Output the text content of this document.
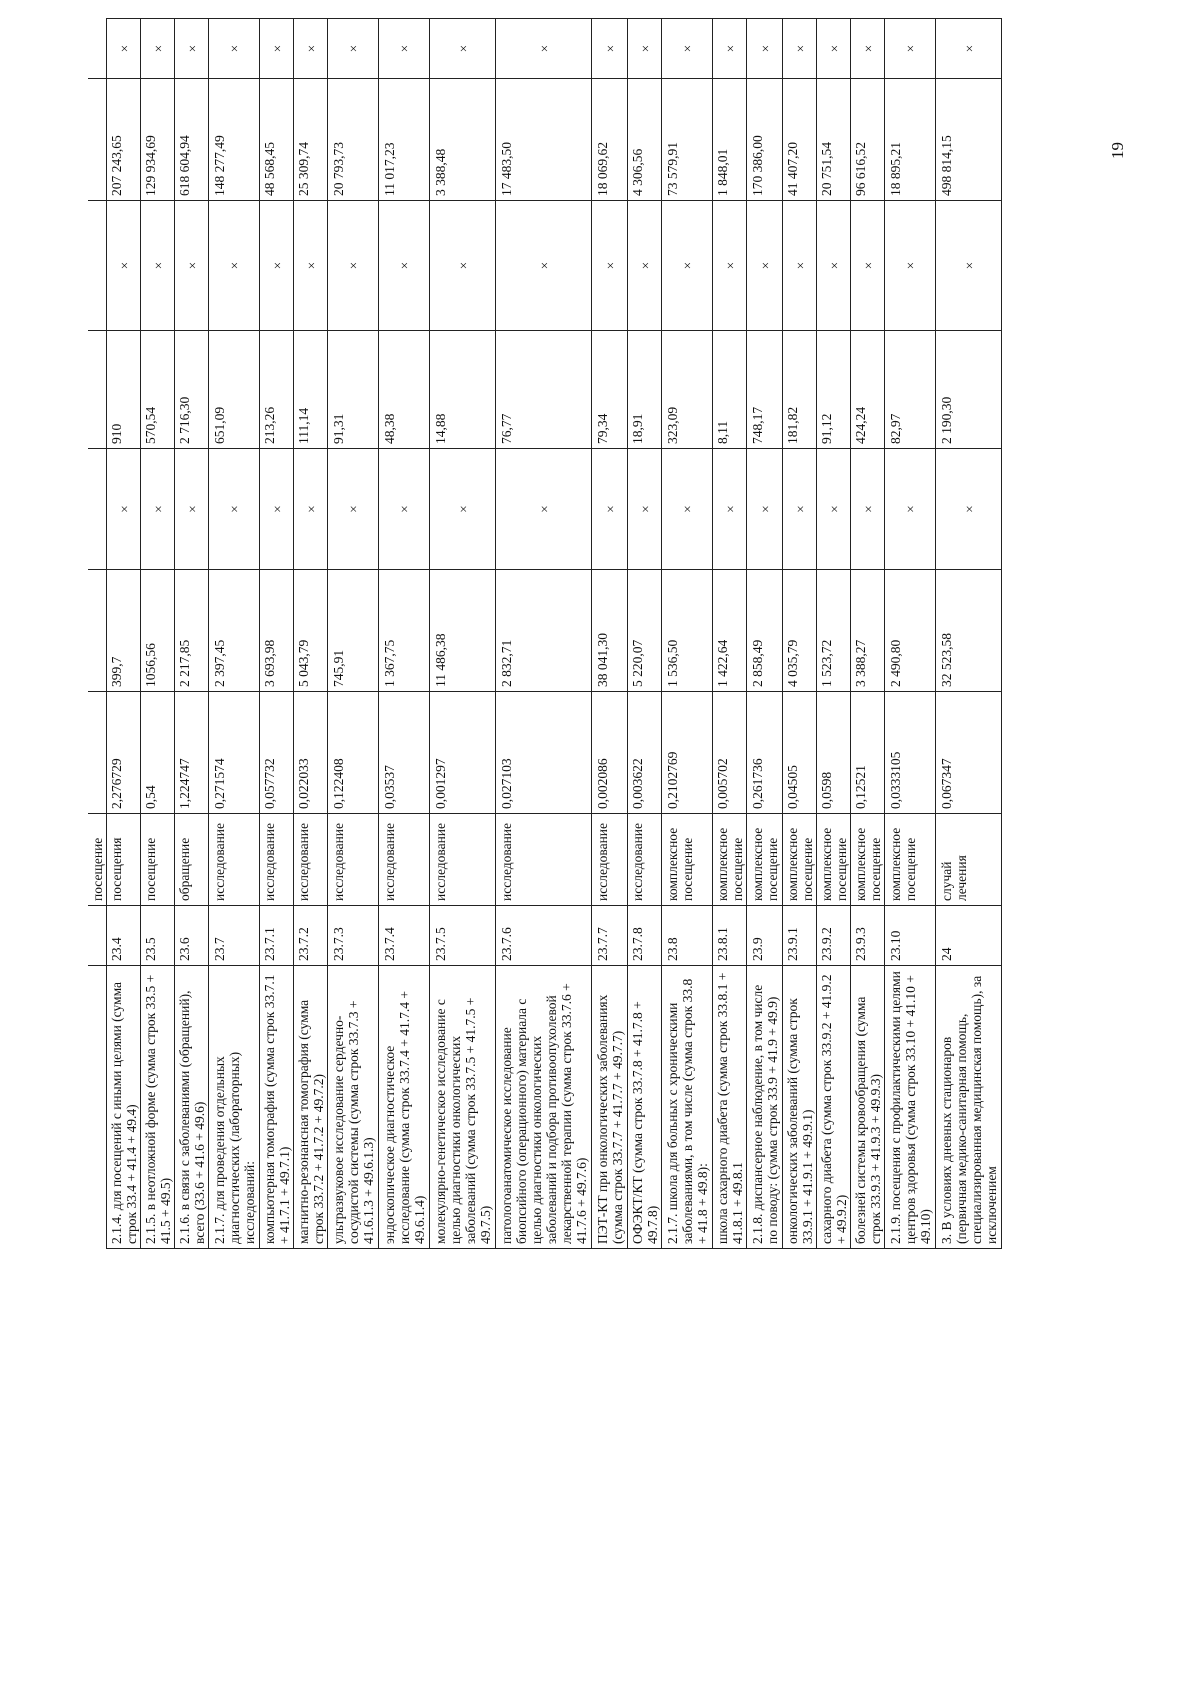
		посещение							
2.1.4. для посещений с иными целями (сумма строк 33.4 + 41.4 + 49.4)	23.4	посещения	2,276729	399,7	×	910	×	207 243,65	×
2.1.5. в неотложной форме (сумма строк 33.5 + 41.5 + 49.5)	23.5	посещение	0,54	1056,56	×	570,54	×	129 934,69	×
2.1.6. в связи с заболеваниями (обращений), всего (33.6 + 41.6 + 49.6)	23.6	обращение	1,224747	2 217,85	×	2 716,30	×	618 604,94	×
2.1.7. для проведения отдельных диагностических (лабораторных) исследований:	23.7	исследование	0,271574	2 397,45	×	651,09	×	148 277,49	×
компьютерная томография (сумма строк 33.7.1 + 41.7.1 + 49.7.1)	23.7.1	исследование	0,057732	3 693,98	×	213,26	×	48 568,45	×
магнитно-резонансная томография (сумма строк 33.7.2 + 41.7.2 + 49.7.2)	23.7.2	исследование	0,022033	5 043,79	×	111,14	×	25 309,74	×
ультразвуковое исследование сердечно-сосудистой системы (сумма строк 33.7.3 + 41.6.1.3 + 49.6.1.3)	23.7.3	исследование	0,122408	745,91	×	91,31	×	20 793,73	×
эндоскопическое диагностическое исследование (сумма строк 33.7.4 + 41.7.4 + 49.6.1.4)	23.7.4	исследование	0,03537	1 367,75	×	48,38	×	11 017,23	×
молекулярно-генетическое исследование с целью диагностики онкологических заболеваний (сумма строк 33.7.5 + 41.7.5 + 49.7.5)	23.7.5	исследование	0,001297	11 486,38	×	14,88	×	3 388,48	×
патологоанатомическое исследование биопсийного (операционного) материала с целью диагностики онкологических заболеваний и подбора противоопухолевой лекарственной терапии (сумма строк 33.7.6 + 41.7.6 + 49.7.6)	23.7.6	исследование	0,027103	2 832,71	×	76,77	×	17 483,50	×
ПЭТ-КТ при онкологических заболеваниях (сумма строк 33.7.7 + 41.7.7 + 49.7.7)	23.7.7	исследование	0,002086	38 041,30	×	79,34	×	18 069,62	×
ОФЭКТ/КТ (сумма строк 33.7.8 + 41.7.8 + 49.7.8)	23.7.8	исследование	0,003622	5 220,07	×	18,91	×	4 306,56	×
2.1.7. школа для больных с хроническими заболеваниями, в том числе (сумма строк 33.8 + 41.8 + 49.8):	23.8	комплексное посещение	0,2102769	1 536,50	×	323,09	×	73 579,91	×
школа сахарного диабета (сумма строк 33.8.1 + 41.8.1 + 49.8.1	23.8.1	комплексное посещение	0,005702	1 422,64	×	8,11	×	1 848,01	×
2.1.8. диспансерное наблюдение, в том числе по поводу: (сумма строк 33.9 + 41.9 + 49.9)	23.9	комплексное посещение	0,261736	2 858,49	×	748,17	×	170 386,00	×
онкологических заболеваний (сумма строк 33.9.1 + 41.9.1 + 49.9.1)	23.9.1	комплексное посещение	0,04505	4 035,79	×	181,82	×	41 407,20	×
сахарного диабета (сумма строк 33.9.2 + 41.9.2 + 49.9.2)	23.9.2	комплексное посещение	0,0598	1 523,72	×	91,12	×	20 751,54	×
болезней системы кровообращения (сумма строк 33.9.3 + 41.9.3 + 49.9.3)	23.9.3	комплексное посещение	0,12521	3 388,27	×	424,24	×	96 616,52	×
2.1.9. посещения с профилактическими целями центров здоровья (сумма строк 33.10 + 41.10 + 49.10)	23.10	комплексное посещение	0,0333105	2 490,80	×	82,97	×	18 895,21	×
3. В условиях дневных стационаров (первичная медико-санитарная помощь, специализированная медицинская помощь), за исключением	24	случай лечения	0,067347	32 523,58	×	2 190,30	×	498 814,15	×
19
